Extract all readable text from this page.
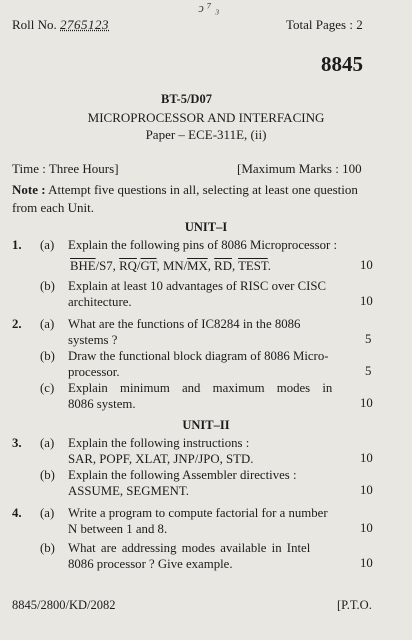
ↄ ⁷ ₃
Roll No. 2765123	Total Pages : 2
8845
BT-5/D07
MICROPROCESSOR AND INTERFACING
Paper – ECE-311E, (ii)
Time : Three Hours]	[Maximum Marks : 100
Note : Attempt five questions in all, selecting at least one question from each Unit.
UNIT–I
1. (a) Explain the following pins of 8086 Microprocessor :
$\overline{BHE}/S7$, $\overline{RQ}/\overline{GT}$, $MN/\overline{MX}$, $\overline{RD}$, TEST.	10
(b) Explain at least 10 advantages of RISC over CISC
architecture.	10
2. (a) What are the functions of IC8284 in the 8086
systems ?	5
(b) Draw the functional block diagram of 8086 Micro-
processor.	5
(c) Explain minimum and maximum modes in
8086 system.	10
UNIT–II
3. (a) Explain the following instructions :
SAR, POPF, XLAT, JNP/JPO, STD.	10
(b) Explain the following Assembler directives :
ASSUME, SEGMENT.	10
4. (a) Write a program to compute factorial for a number
N between 1 and 8.	10
(b) What are addressing modes available in Intel
8086 processor ? Give example.	10
8845/2800/KD/2082	[P.T.O.
